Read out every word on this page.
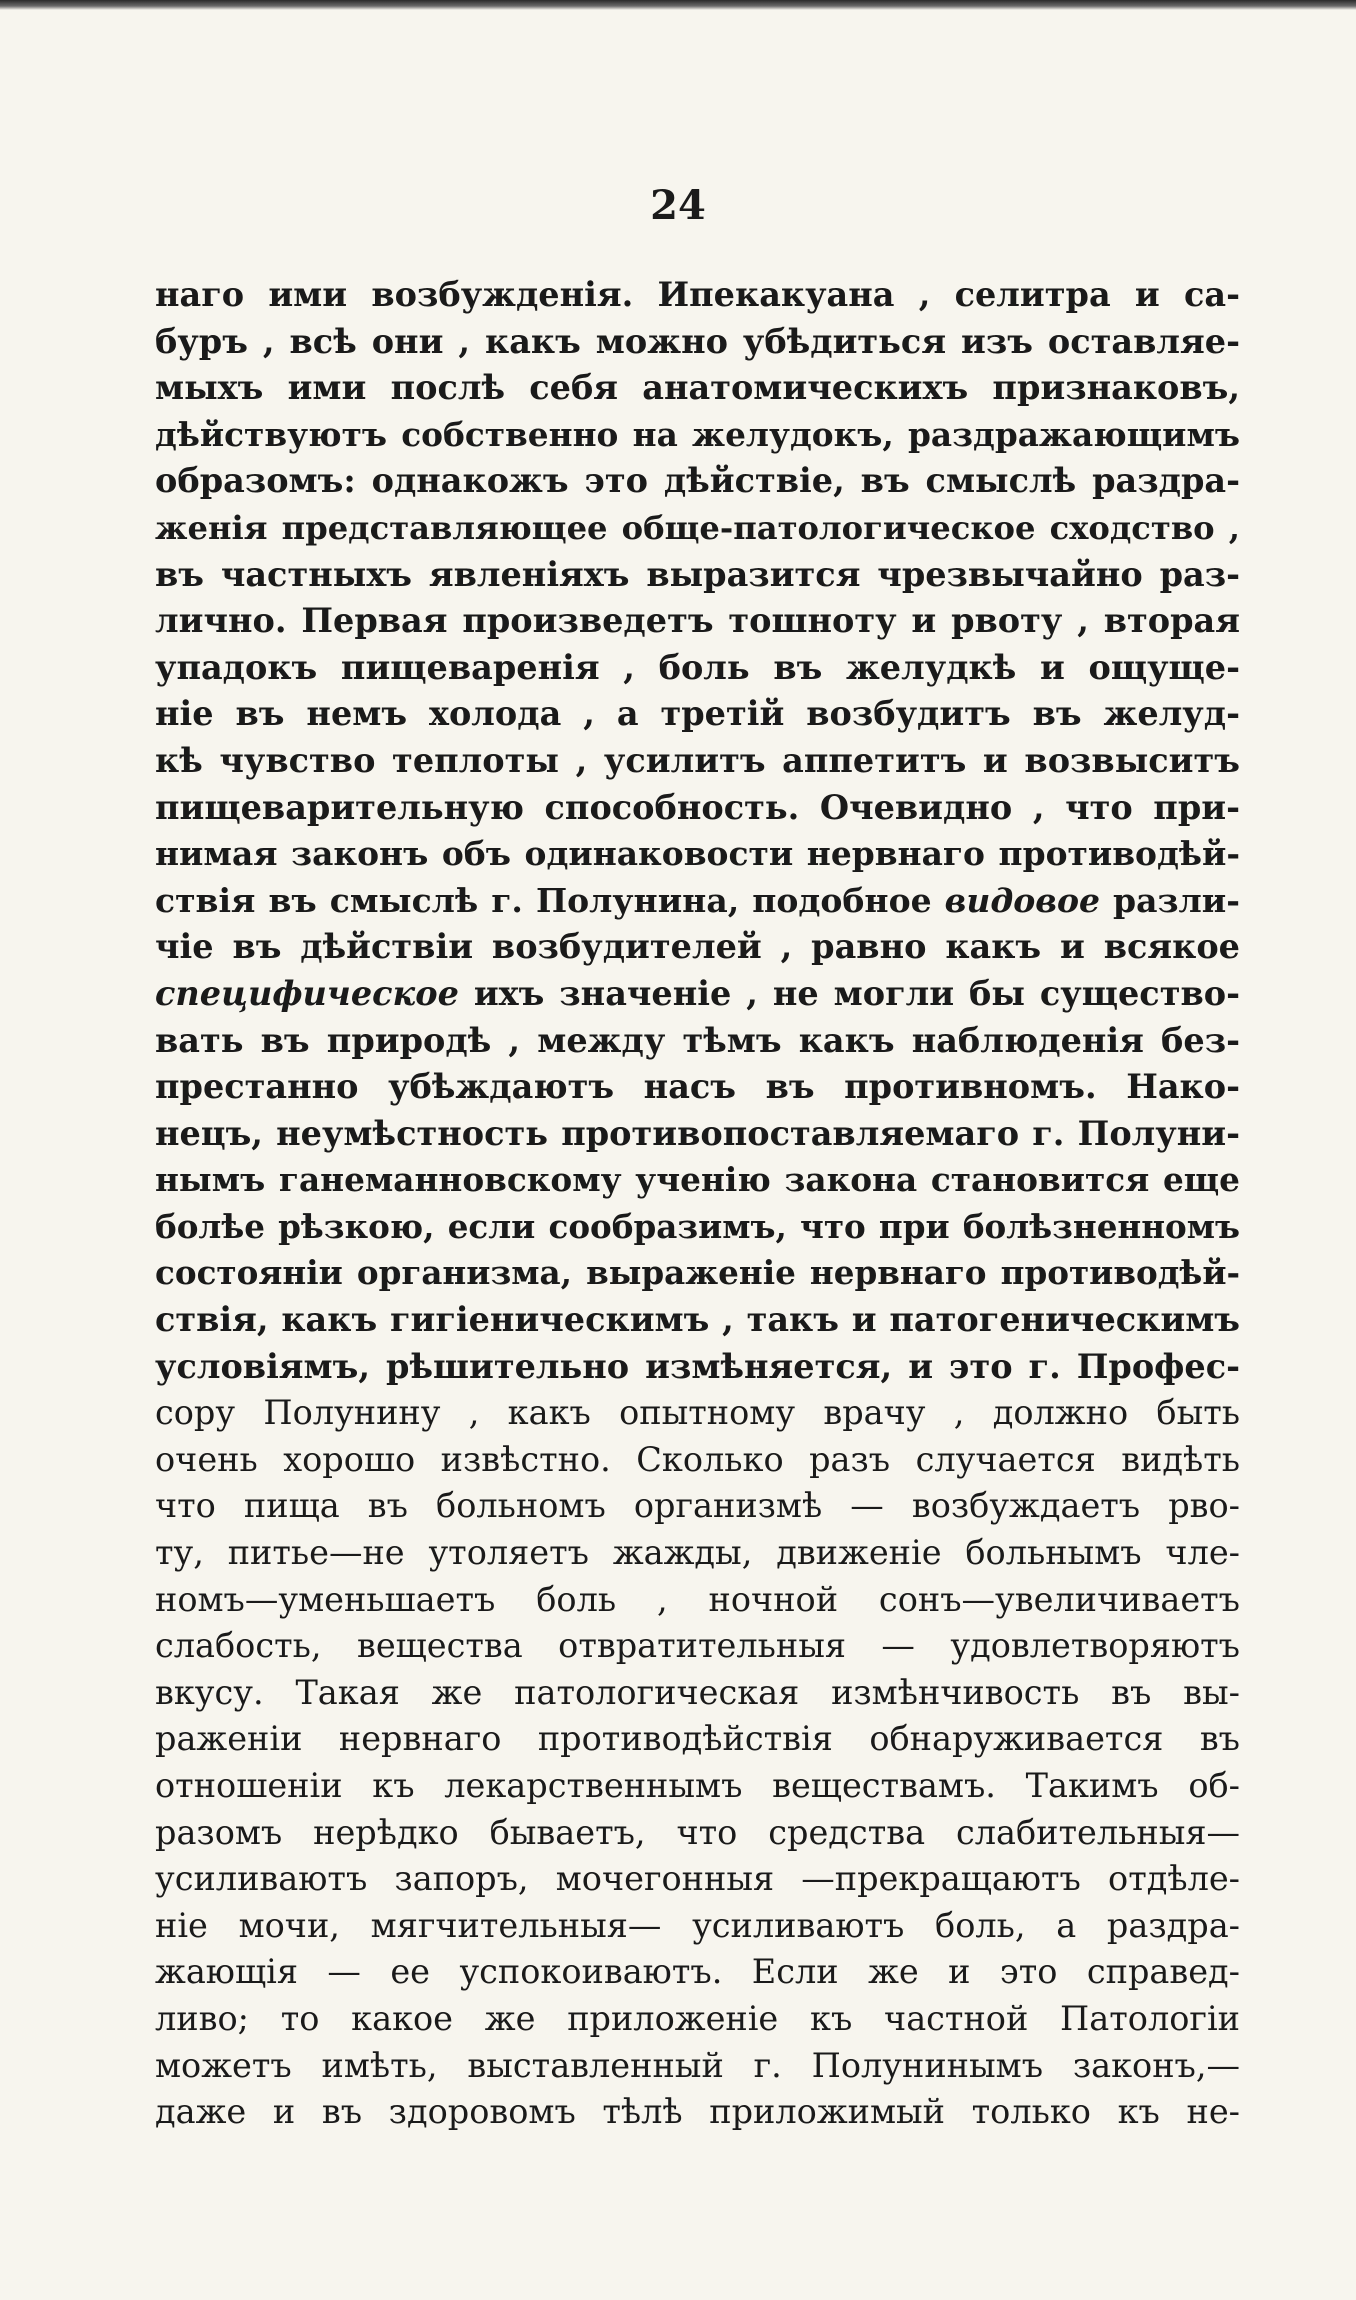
24
наго ими возбужденія. Ипекакуана , селитра и са-
буръ , всѣ они , какъ можно убѣдиться изъ оставляе-
мыхъ ими послѣ себя анатомическихъ признаковъ,
дѣйствуютъ собственно на желудокъ, раздражающимъ
образомъ: однакожъ это дѣйствіе, въ смыслѣ раздра-
женія представляющее обще-патологическое сходство ,
въ частныхъ явленіяхъ выразится чрезвычайно раз-
лично. Первая произведетъ тошноту и рвоту , вторая
упадокъ пищеваренія , боль въ желудкѣ и ощуще-
ніе въ немъ холода , а третій возбудитъ въ желуд-
кѣ чувство теплоты , усилитъ аппетитъ и возвыситъ
пищеварительную способность. Очевидно , что при-
нимая законъ объ одинаковости нервнаго противодѣй-
ствія въ смыслѣ г. Полунина, подобное видовое разли-
чіе въ дѣйствіи возбудителей , равно какъ и всякое
специфическое ихъ значеніе , не могли бы существо-
вать въ природѣ , между тѣмъ какъ наблюденія без-
престанно убѣждаютъ насъ въ противномъ. Нако-
нецъ, неумѣстность противопоставляемаго г. Полуни-
нымъ ганеманновскому ученію закона становится еще
болѣе рѣзкою, если сообразимъ, что при болѣзненномъ
состояніи организма, выраженіе нервнаго противодѣй-
ствія, какъ гигіеническимъ , такъ и патогеническимъ
условіямъ, рѣшительно измѣняется, и это г. Профес-
сору Полунину , какъ опытному врачу , должно быть
очень хорошо извѣстно. Сколько разъ случается видѣть
что пища въ больномъ организмѣ — возбуждаетъ рво-
ту, питье—не утоляетъ жажды, движеніе больнымъ чле-
номъ—уменьшаетъ боль , ночной сонъ—увеличиваетъ
слабость, вещества отвратительныя — удовлетворяютъ
вкусу. Такая же патологическая измѣнчивость въ вы-
раженіи нервнаго противодѣйствія обнаруживается въ
отношеніи къ лекарственнымъ веществамъ. Такимъ об-
разомъ нерѣдко бываетъ, что средства слабительныя—
усиливаютъ запоръ, мочегонныя —прекращаютъ отдѣле-
ніе мочи, мягчительныя— усиливаютъ боль, а раздра-
жающія — ее успокоиваютъ. Если же и это справед-
ливо; то какое же приложеніе къ частной Патологіи
можетъ имѣть, выставленный г. Полунинымъ законъ,—
даже и въ здоровомъ тѣлѣ приложимый только къ не-
